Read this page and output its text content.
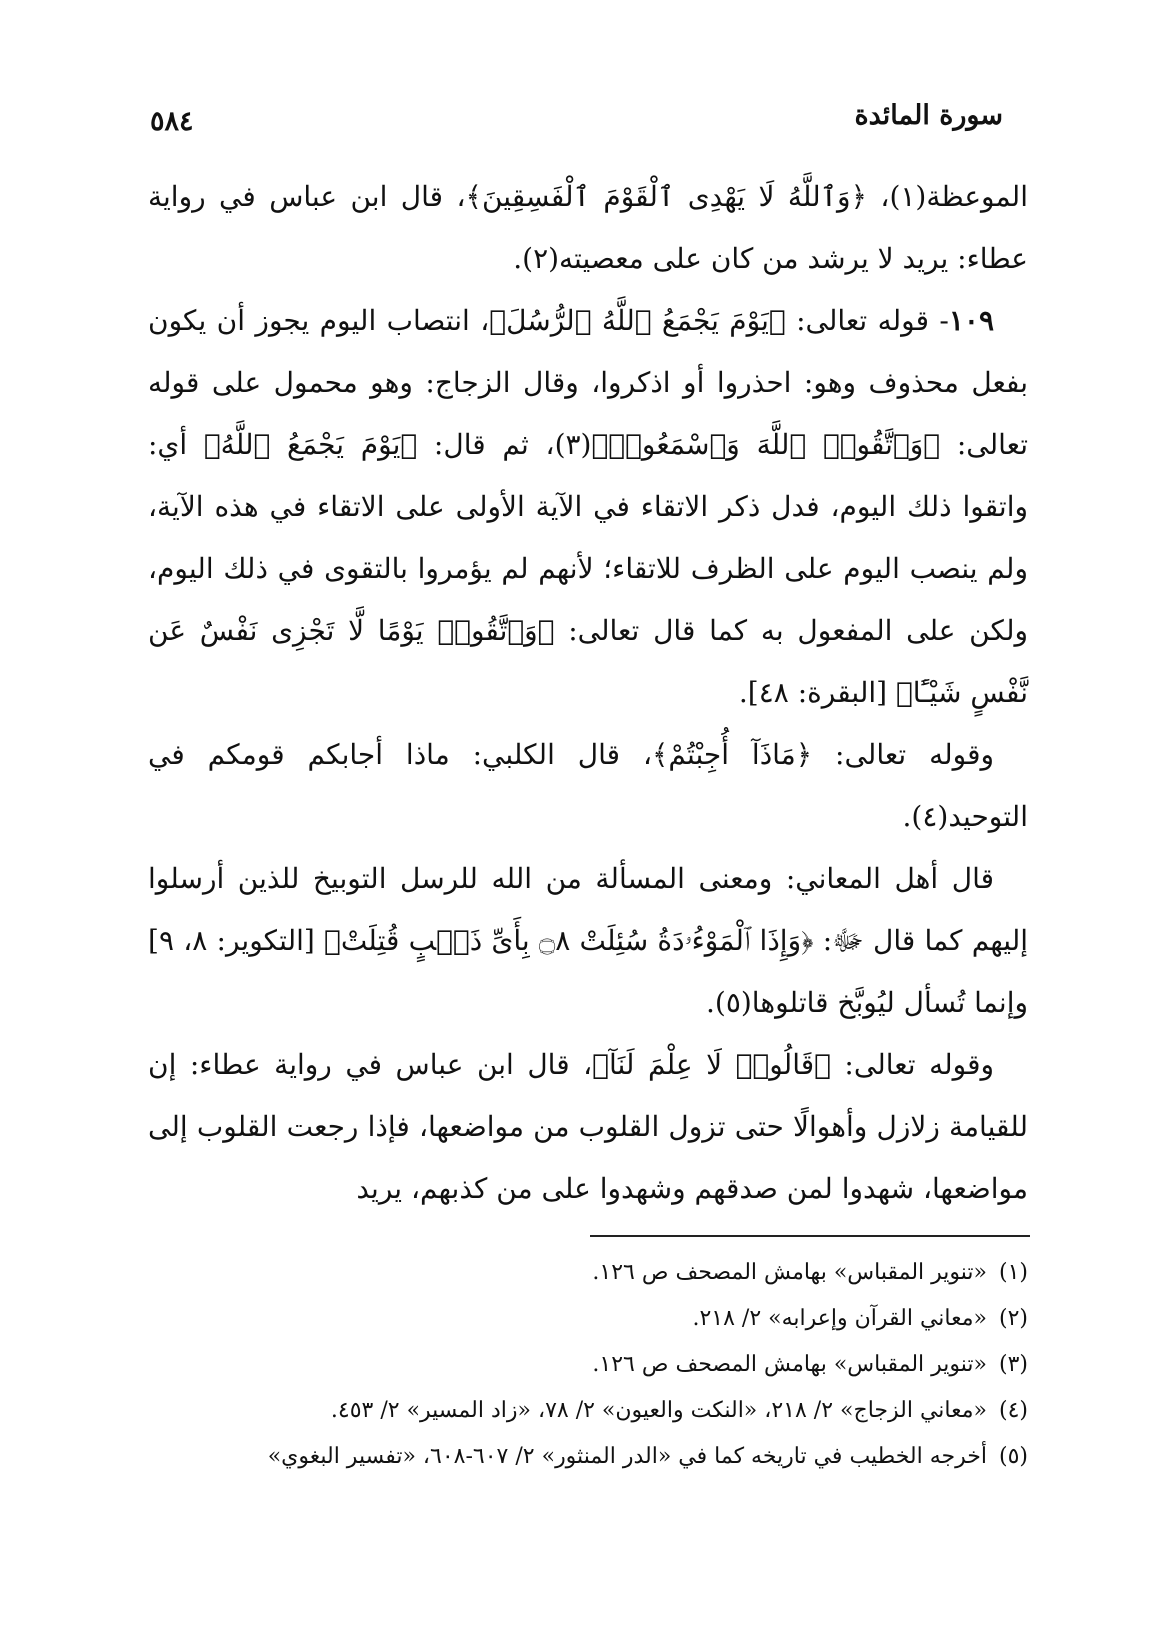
سورة المائدة
٥٨٤

الموعظة(١)، ﴿وَٱللَّهُ لَا يَهْدِى ٱلْقَوْمَ ٱلْفَسِقِينَ﴾، قال ابن عباس في رواية عطاء: يريد لا يرشد من كان على معصيته(٢).

١٠٩- قوله تعالى: ﴿يَوْمَ يَجْمَعُ ٱللَّهُ ٱلرُّسُلَ﴾، انتصاب اليوم يجوز أن يكون بفعل محذوف وهو: احذروا أو اذكروا، وقال الزجاج: وهو محمول على قوله تعالى: ﴿وَٱتَّقُوا۟ ٱللَّهَ وَٱسْمَعُوا۟﴾(٣)، ثم قال: ﴿يَوْمَ يَجْمَعُ ٱللَّهُ﴾ أي: واتقوا ذلك اليوم، فدل ذكر الاتقاء في الآية الأولى على الاتقاء في هذه الآية، ولم ينصب اليوم على الظرف للاتقاء؛ لأنهم لم يؤمروا بالتقوى في ذلك اليوم، ولكن على المفعول به كما قال تعالى: ﴿وَٱتَّقُوا۟ يَوْمًا لَّا تَجْزِى نَفْسٌ عَن نَّفْسٍ شَيْـًٔا﴾ [البقرة: ٤٨].

وقوله تعالى: ﴿مَاذَآ أُجِبْتُمْ﴾، قال الكلبي: ماذا أجابكم قومكم في التوحيد(٤).

قال أهل المعاني: ومعنى المسألة من الله للرسل التوبيخ للذين أرسلوا إليهم كما قال ﷻ: ﴿وَإِذَا ٱلْمَوْءُۥدَةُ سُئِلَتْ ۝٨ بِأَىِّ ذَنۢبٍ قُتِلَتْ﴾ [التكوير: ٨، ٩] وإنما تُسأل ليُوبَّخ قاتلوها(٥).

وقوله تعالى: ﴿قَالُوا۟ لَا عِلْمَ لَنَآ﴾، قال ابن عباس في رواية عطاء: إن للقيامة زلازل وأهوالًا حتى تزول القلوب من مواضعها، فإذا رجعت القلوب إلى مواضعها، شهدوا لمن صدقهم وشهدوا على من كذبهم، يريد

(١)«تنوير المقباس» بهامش المصحف ص ١٢٦.
(٢)«معاني القرآن وإعرابه» ٢/ ٢١٨.
(٣)«تنوير المقباس» بهامش المصحف ص ١٢٦.
(٤)«معاني الزجاج» ٢/ ٢١٨، «النكت والعيون» ٢/ ٧٨، «زاد المسير» ٢/ ٤٥٣.
(٥)أخرجه الخطيب في تاريخه كما في «الدر المنثور» ٢/ ٦٠٧-٦٠٨، «تفسير البغوي»
